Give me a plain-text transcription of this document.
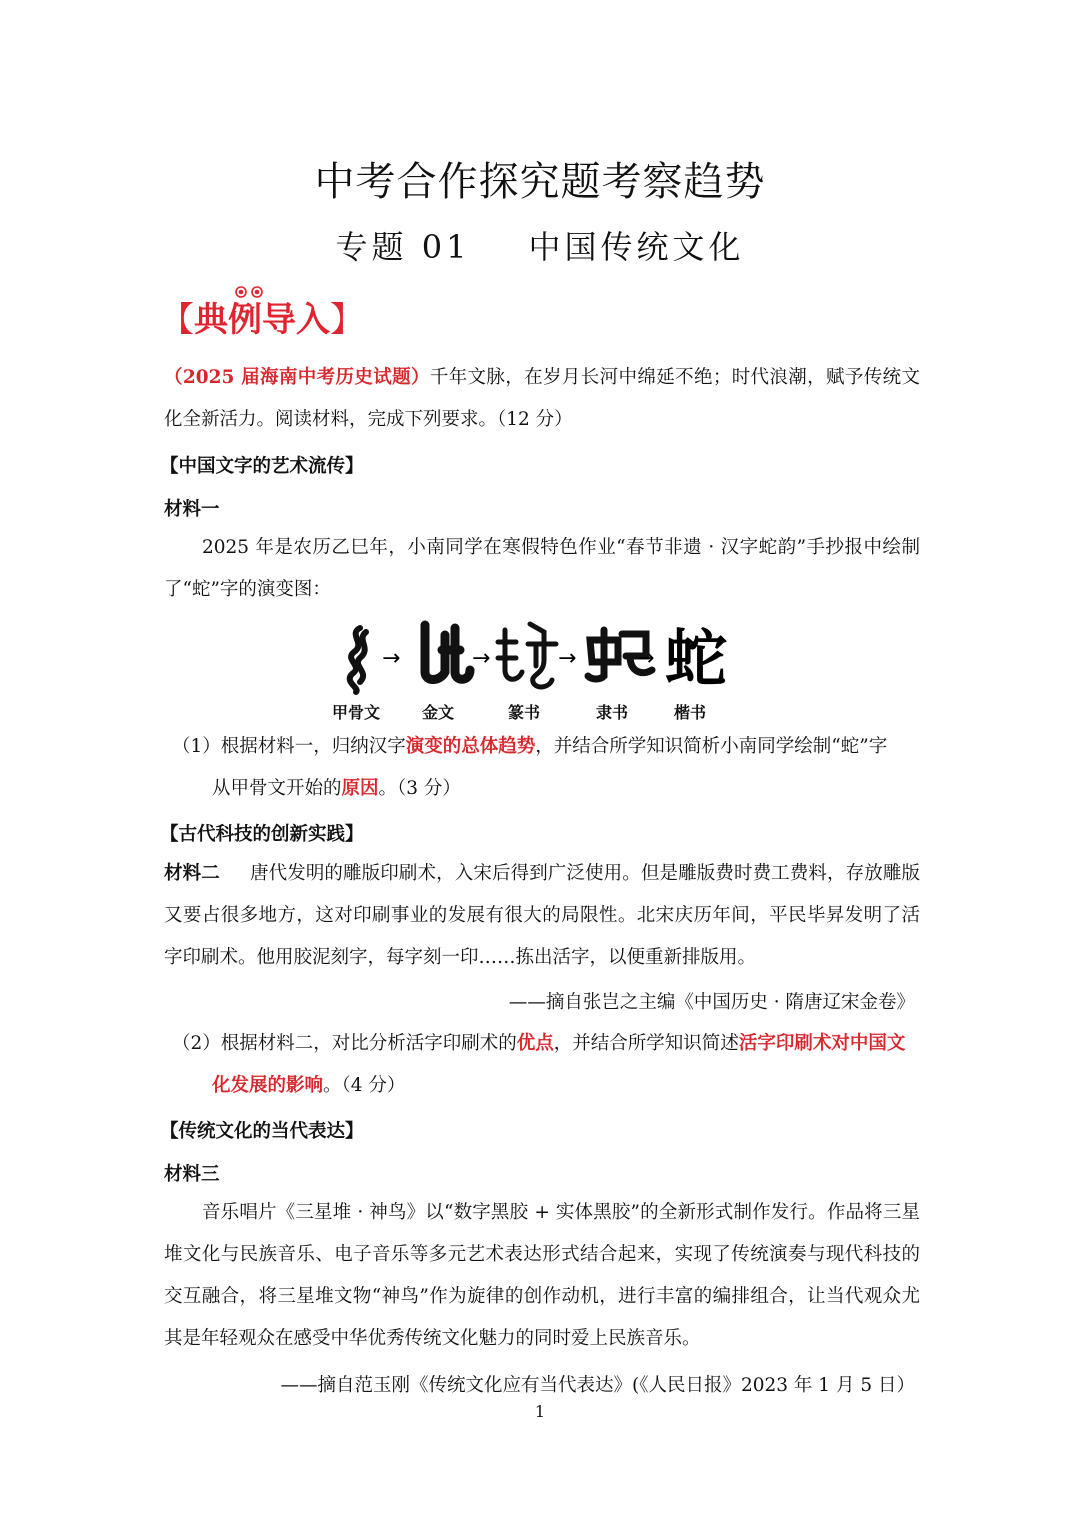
中考合作探究题考察趋势
专题 01 中国传统文化
【典例导入】
（2025 届海南中考历史试题）千年文脉，在岁月长河中绵延不绝；时代浪潮，赋予传统文化全新活力。阅读材料，完成下列要求。（12 分）
【中国文字的艺术流传】
材料一
2025 年是农历乙巳年，小南同学在寒假特色作业“春节非遗 · 汉字蛇韵”手抄报中绘制了“蛇”字的演变图：
→	→	→	→ 蛇
甲骨文	金文	篆书	隶书	楷书
（1）根据材料一，归纳汉字演变的总体趋势，并结合所学知识简析小南同学绘制“蛇”字
从甲骨文开始的原因。（3 分）
【古代科技的创新实践】
材料二 唐代发明的雕版印刷术，入宋后得到广泛使用。但是雕版费时费工费料，存放雕版又要占很多地方，这对印刷事业的发展有很大的局限性。北宋庆历年间，平民毕昇发明了活字印刷术。他用胶泥刻字，每字刻一印……拣出活字，以便重新排版用。
——摘自张岂之主编《中国历史 · 隋唐辽宋金卷》
（2）根据材料二，对比分析活字印刷术的优点，并结合所学知识简述活字印刷术对中国文
化发展的影响。（4 分）
【传统文化的当代表达】
材料三
音乐唱片《三星堆 · 神鸟》以“数字黑胶 + 实体黑胶”的全新形式制作发行。作品将三星堆文化与民族音乐、电子音乐等多元艺术表达形式结合起来，实现了传统演奏与现代科技的交互融合，将三星堆文物“神鸟”作为旋律的创作动机，进行丰富的编排组合，让当代观众尤其是年轻观众在感受中华优秀传统文化魅力的同时爱上民族音乐。
——摘自范玉刚《传统文化应有当代表达》(《人民日报》2023 年 1 月 5 日）
1
